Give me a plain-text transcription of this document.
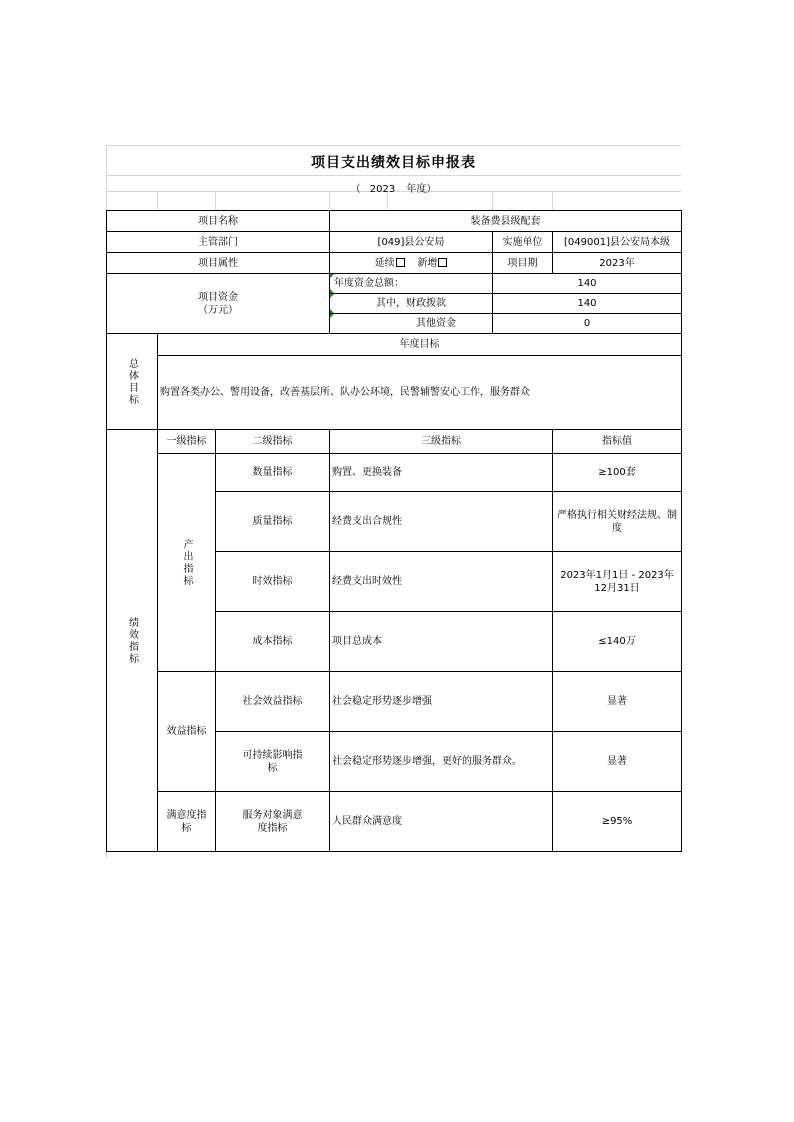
项目支出绩效目标申报表
（ 2023 年度）
项目名称			装备费县级配套		
主管部门			[049]县公安局	实施单位	[049001]县公安局本级
项目属性			延续 新增	项目期	2023年

项目资金
（万元）			年度资金总额：	140	
			其中，财政拨款	140	
			其他资金	0	

总体目标	年度目标				
	购置各类办公、警用设备，改善基层所、队办公环境，民警辅警安心工作，服务群众				

绩效指标	一级指标	二级指标	三级指标		指标值

	产出指标	数量指标	购置、更换装备		≥100套
		质量指标	经费支出合规性		严格执行相关财经法规、制度
		时效指标	经费支出时效性		2023年1月1日 - 2023年12月31日
		成本指标	项目总成本		≤140万
	效益指标	社会效益指标	社会稳定形势逐步增强		显著
		可持续影响指标	社会稳定形势逐步增强，更好的服务群众。		显著
	满意度指标	服务对象满意度指标	人民群众满意度		≥95%
